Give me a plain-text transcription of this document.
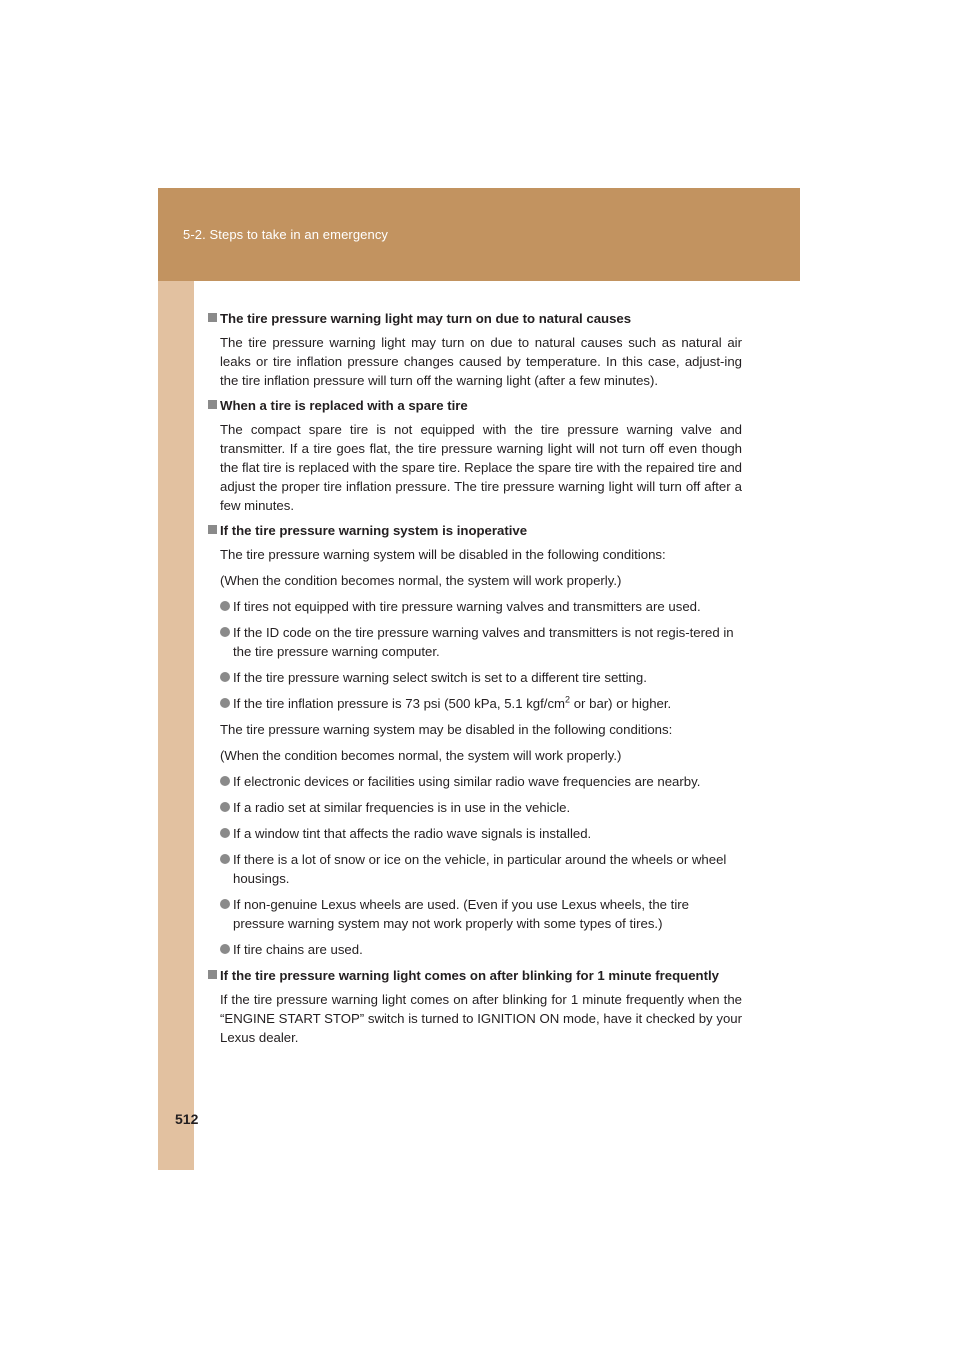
5-2. Steps to take in an emergency
The tire pressure warning light may turn on due to natural causes

The tire pressure warning light may turn on due to natural causes such as natural air leaks or tire inflation pressure changes caused by temperature. In this case, adjust-ing the tire inflation pressure will turn off the warning light (after a few minutes).

When a tire is replaced with a spare tire

The compact spare tire is not equipped with the tire pressure warning valve and transmitter. If a tire goes flat, the tire pressure warning light will not turn off even though the flat tire is replaced with the spare tire. Replace the spare tire with the repaired tire and adjust the proper tire inflation pressure. The tire pressure warning light will turn off after a few minutes.

If the tire pressure warning system is inoperative

The tire pressure warning system will be disabled in the following conditions:

(When the condition becomes normal, the system will work properly.)

If tires not equipped with tire pressure warning valves and transmitters are used.
If the ID code on the tire pressure warning valves and transmitters is not regis-tered in the tire pressure warning computer.
If the tire pressure warning select switch is set to a different tire setting.
If the tire inflation pressure is 73 psi (500 kPa, 5.1 kgf/$cm^2$ or bar) or higher.

The tire pressure warning system may be disabled in the following conditions:

(When the condition becomes normal, the system will work properly.)

If electronic devices or facilities using similar radio wave frequencies are nearby.
If a radio set at similar frequencies is in use in the vehicle.
If a window tint that affects the radio wave signals is installed.
If there is a lot of snow or ice on the vehicle, in particular around the wheels or wheel housings.
If non-genuine Lexus wheels are used. (Even if you use Lexus wheels, the tire pressure warning system may not work properly with some types of tires.)
If tire chains are used.
If the tire pressure warning light comes on after blinking for 1 minute frequently

If the tire pressure warning light comes on after blinking for 1 minute frequently when the “ENGINE START STOP” switch is turned to IGNITION ON mode, have it checked by your Lexus dealer.

512
